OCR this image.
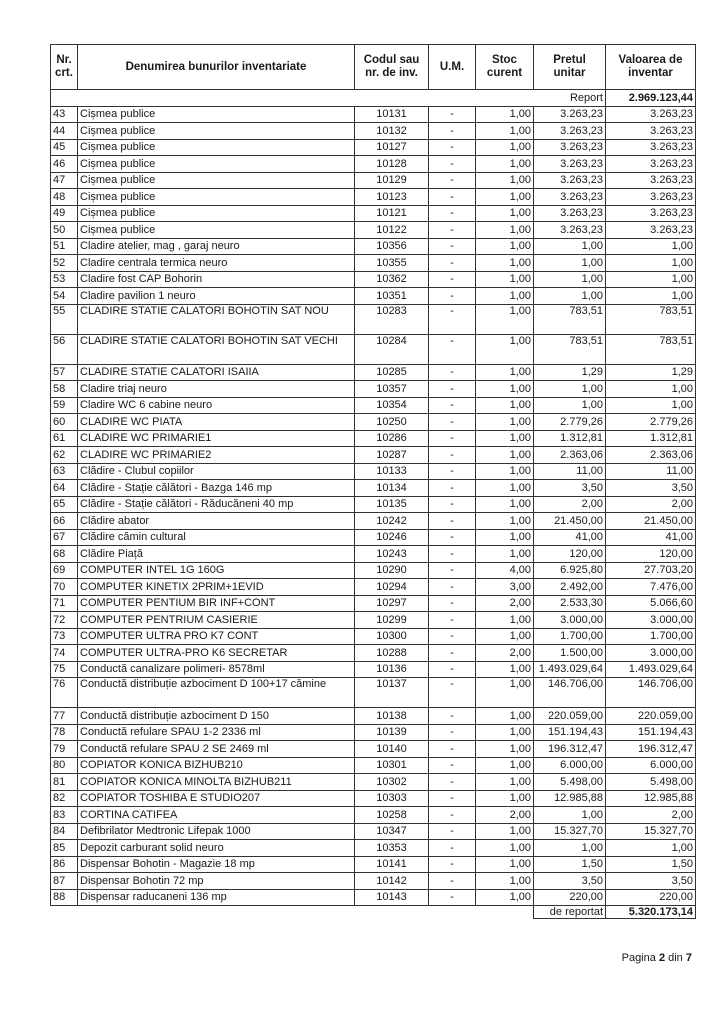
Nr. crt.	Denumirea bunurilor inventariate	Codul sau nr. de inv.	U.M.	Stoc curent	Pretul unitar	Valoarea de inventar
					Report	2.969.123,44
43	Cișmea publice	10131	-	1,00	3.263,23	3.263,23
44	Cișmea publice	10132	-	1,00	3.263,23	3.263,23
45	Cișmea publice	10127	-	1,00	3.263,23	3.263,23
46	Cișmea publice	10128	-	1,00	3.263,23	3.263,23
47	Cișmea publice	10129	-	1,00	3.263,23	3.263,23
48	Cișmea publice	10123	-	1,00	3.263,23	3.263,23
49	Cișmea publice	10121	-	1,00	3.263,23	3.263,23
50	Cișmea publice	10122	-	1,00	3.263,23	3.263,23
51	Cladire atelier, mag , garaj neuro	10356	-	1,00	1,00	1,00
52	Cladire centrala termica neuro	10355	-	1,00	1,00	1,00
53	Cladire fost CAP Bohorin	10362	-	1,00	1,00	1,00
54	Cladire pavilion 1 neuro	10351	-	1,00	1,00	1,00
55	CLADIRE STATIE CALATORI BOHOTIN SAT NOU	10283	-	1,00	783,51	783,51
56	CLADIRE STATIE CALATORI BOHOTIN SAT VECHI	10284	-	1,00	783,51	783,51
57	CLADIRE STATIE CALATORI ISAIIA	10285	-	1,00	1,29	1,29
58	Cladire triaj neuro	10357	-	1,00	1,00	1,00
59	Cladire WC 6 cabine neuro	10354	-	1,00	1,00	1,00
60	CLADIRE WC PIATA	10250	-	1,00	2.779,26	2.779,26
61	CLADIRE WC PRIMARIE1	10286	-	1,00	1.312,81	1.312,81
62	CLADIRE WC PRIMARIE2	10287	-	1,00	2.363,06	2.363,06
63	Clădire - Clubul copiilor	10133	-	1,00	11,00	11,00
64	Clădire - Stație călători - Bazga 146 mp	10134	-	1,00	3,50	3,50
65	Clădire - Stație călători - Răducăneni 40 mp	10135	-	1,00	2,00	2,00
66	Clădire abator	10242	-	1,00	21.450,00	21.450,00
67	Clădire cămin cultural	10246	-	1,00	41,00	41,00
68	Clădire Piață	10243	-	1,00	120,00	120,00
69	COMPUTER INTEL 1G 160G	10290	-	4,00	6.925,80	27.703,20
70	COMPUTER KINETIX 2PRIM+1EVID	10294	-	3,00	2.492,00	7.476,00
71	COMPUTER PENTIUM BIR INF+CONT	10297	-	2,00	2.533,30	5.066,60
72	COMPUTER PENTRIUM CASIERIE	10299	-	1,00	3.000,00	3.000,00
73	COMPUTER ULTRA PRO K7 CONT	10300	-	1,00	1.700,00	1.700,00
74	COMPUTER ULTRA-PRO K6 SECRETAR	10288	-	2,00	1.500,00	3.000,00
75	Conductă canalizare polimeri- 8578ml	10136	-	1,00	1.493.029,64	1.493.029,64
76	Conductă distribuție azbociment D 100+17 cămine	10137	-	1,00	146.706,00	146.706,00
77	Conductă distribuție azbociment D 150	10138	-	1,00	220.059,00	220.059,00
78	Conductă refulare SPAU 1-2 2336 ml	10139	-	1,00	151.194,43	151.194,43
79	Conductă refulare SPAU 2 SE 2469 ml	10140	-	1,00	196.312,47	196.312,47
80	COPIATOR KONICA BIZHUB210	10301	-	1,00	6.000,00	6.000,00
81	COPIATOR KONICA MINOLTA BIZHUB211	10302	-	1,00	5.498,00	5.498,00
82	COPIATOR TOSHIBA E STUDIO207	10303	-	1,00	12.985,88	12.985,88
83	CORTINA CATIFEA	10258	-	2,00	1,00	2,00
84	Defibrilator Medtronic Lifepak 1000	10347	-	1,00	15.327,70	15.327,70
85	Depozit carburant solid neuro	10353	-	1,00	1,00	1,00
86	Dispensar Bohotin - Magazie 18 mp	10141	-	1,00	1,50	1,50
87	Dispensar Bohotin 72 mp	10142	-	1,00	3,50	3,50
88	Dispensar raducaneni 136 mp	10143	-	1,00	220,00	220,00
					de reportat	5.320.173,14
Pagina 2 din 7
